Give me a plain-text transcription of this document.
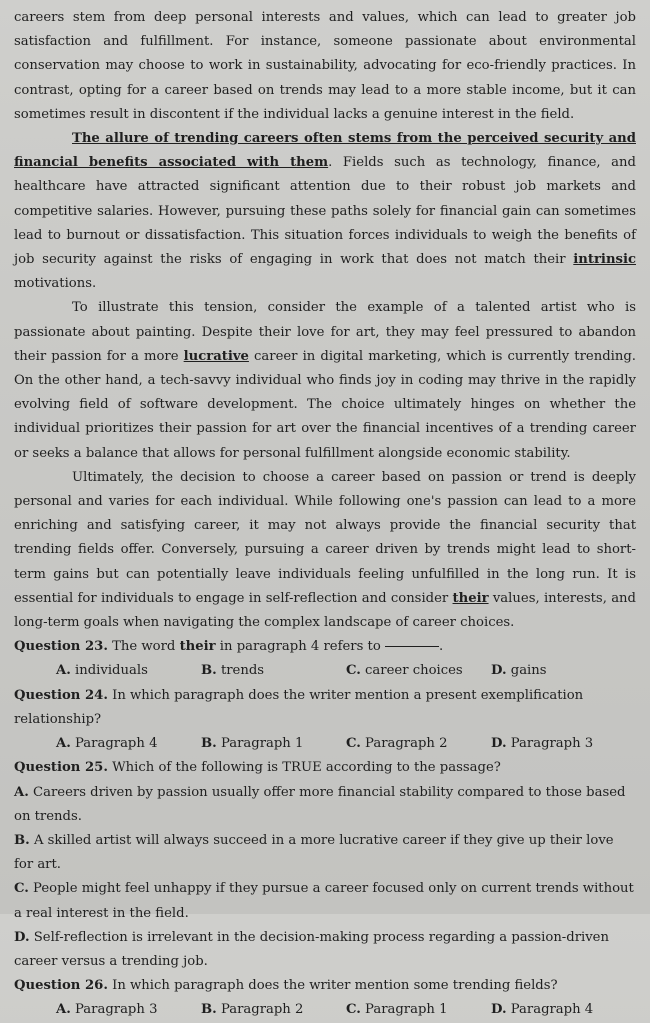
careers stem from deep personal interests and values, which can lead to greater job satisfaction and fulfillment. For instance, someone passionate about environmental conservation may choose to work in sustainability, advocating for eco-friendly practices. In contrast, opting for a career based on trends may lead to a more stable income, but it can sometimes result in discontent if the individual lacks a genuine interest in the field.

The allure of trending careers often stems from the perceived security and financial benefits associated with them. Fields such as technology, finance, and healthcare have attracted significant attention due to their robust job markets and competitive salaries. However, pursuing these paths solely for financial gain can sometimes lead to burnout or dissatisfaction. This situation forces individuals to weigh the benefits of job security against the risks of engaging in work that does not match their intrinsic motivations.

To illustrate this tension, consider the example of a talented artist who is passionate about painting. Despite their love for art, they may feel pressured to abandon their passion for a more lucrative career in digital marketing, which is currently trending. On the other hand, a tech-savvy individual who finds joy in coding may thrive in the rapidly evolving field of software development. The choice ultimately hinges on whether the individual prioritizes their passion for art over the financial incentives of a trending career or seeks a balance that allows for personal fulfillment alongside economic stability.

Ultimately, the decision to choose a career based on passion or trend is deeply personal and varies for each individual. While following one's passion can lead to a more enriching and satisfying career, it may not always provide the financial security that trending fields offer. Conversely, pursuing a career driven by trends might lead to short-term gains but can potentially leave individuals feeling unfulfilled in the long run. It is essential for individuals to engage in self-reflection and consider their values, interests, and long-term goals when navigating the complex landscape of career choices.

Question 23. The word their in paragraph 4 refers to	.

A. individuals	B. trends	C. career choices	D. gains

Question 24. In which paragraph does the writer mention a present exemplification relationship?

A. Paragraph 4	B. Paragraph 1	C. Paragraph 2	D. Paragraph 3

Question 25. Which of the following is TRUE according to the passage?

A. Careers driven by passion usually offer more financial stability compared to those based on trends.

B. A skilled artist will always succeed in a more lucrative career if they give up their love for art.

C. People might feel unhappy if they pursue a career focused only on current trends without a real interest in the field.

D. Self-reflection is irrelevant in the decision-making process regarding a passion-driven career versus a trending job.

Question 26. In which paragraph does the writer mention some trending fields?

A. Paragraph 3	B. Paragraph 2	C. Paragraph 1	D. Paragraph 4
